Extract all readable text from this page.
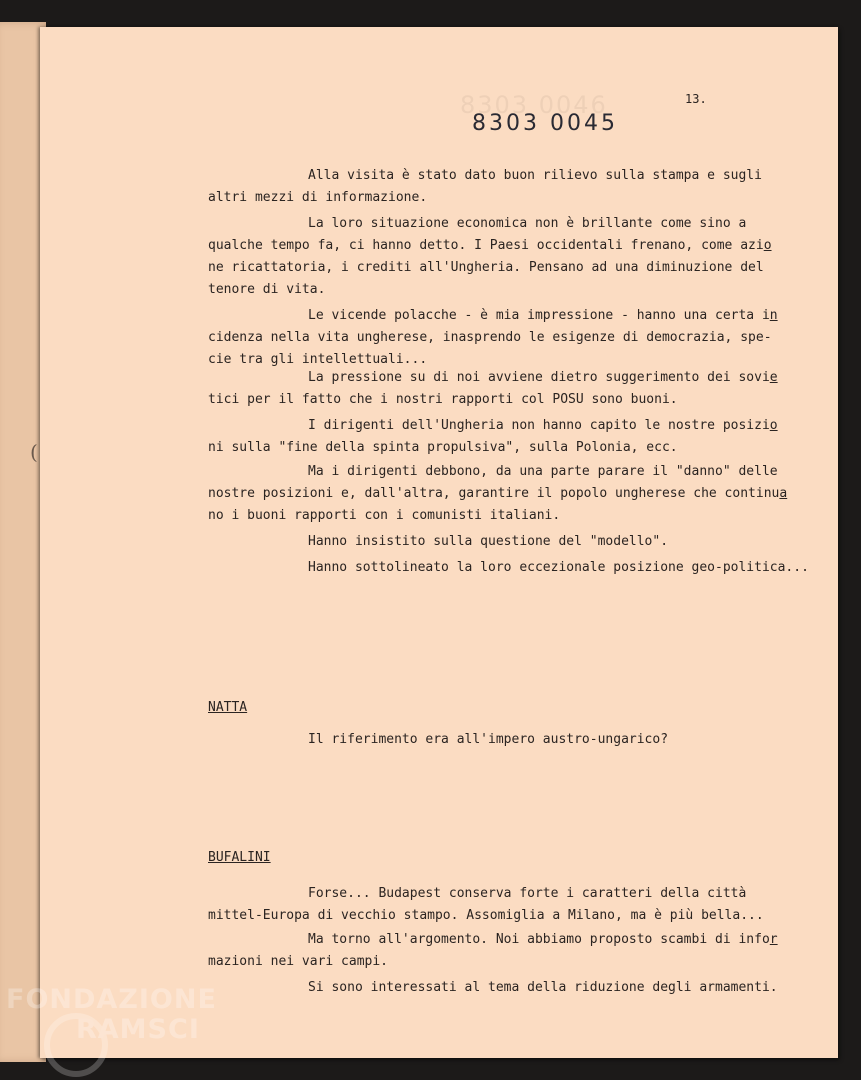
(
8303 0046	13.
8303 0045
Alla visita è stato dato buon rilievo sulla stampa e sugli
altri mezzi di informazione.
La loro situazione economica non è brillante come sino a
qualche tempo fa, ci hanno detto. I Paesi occidentali frenano, come azio
ne ricattatoria, i crediti all'Ungheria. Pensano ad una diminuzione del
tenore di vita.
Le vicende polacche - è mia impressione - hanno una certa in
cidenza nella vita ungherese, inasprendo le esigenze di democrazia, spe-
cie tra gli intellettuali...
La pressione su di noi avviene dietro suggerimento dei sovie
tici per il fatto che i nostri rapporti col POSU sono buoni.
I dirigenti dell'Ungheria non hanno capito le nostre posizio
ni sulla "fine della spinta propulsiva", sulla Polonia, ecc.
Ma i dirigenti debbono, da una parte parare il "danno" delle
nostre posizioni e, dall'altra, garantire il popolo ungherese che continua
no i buoni rapporti con i comunisti italiani.
Hanno insistito sulla questione del "modello".
Hanno sottolineato la loro eccezionale posizione geo-politica...
NATTA
Il riferimento era all'impero austro-ungarico?
BUFALINI
Forse... Budapest conserva forte i caratteri della città
mittel-Europa di vecchio stampo. Assomiglia a Milano, ma è più bella...
Ma torno all'argomento. Noi abbiamo proposto scambi di infor
mazioni nei vari campi.
Si sono interessati al tema della riduzione degli armamenti.
FONDAZIONE
RAMSCI
